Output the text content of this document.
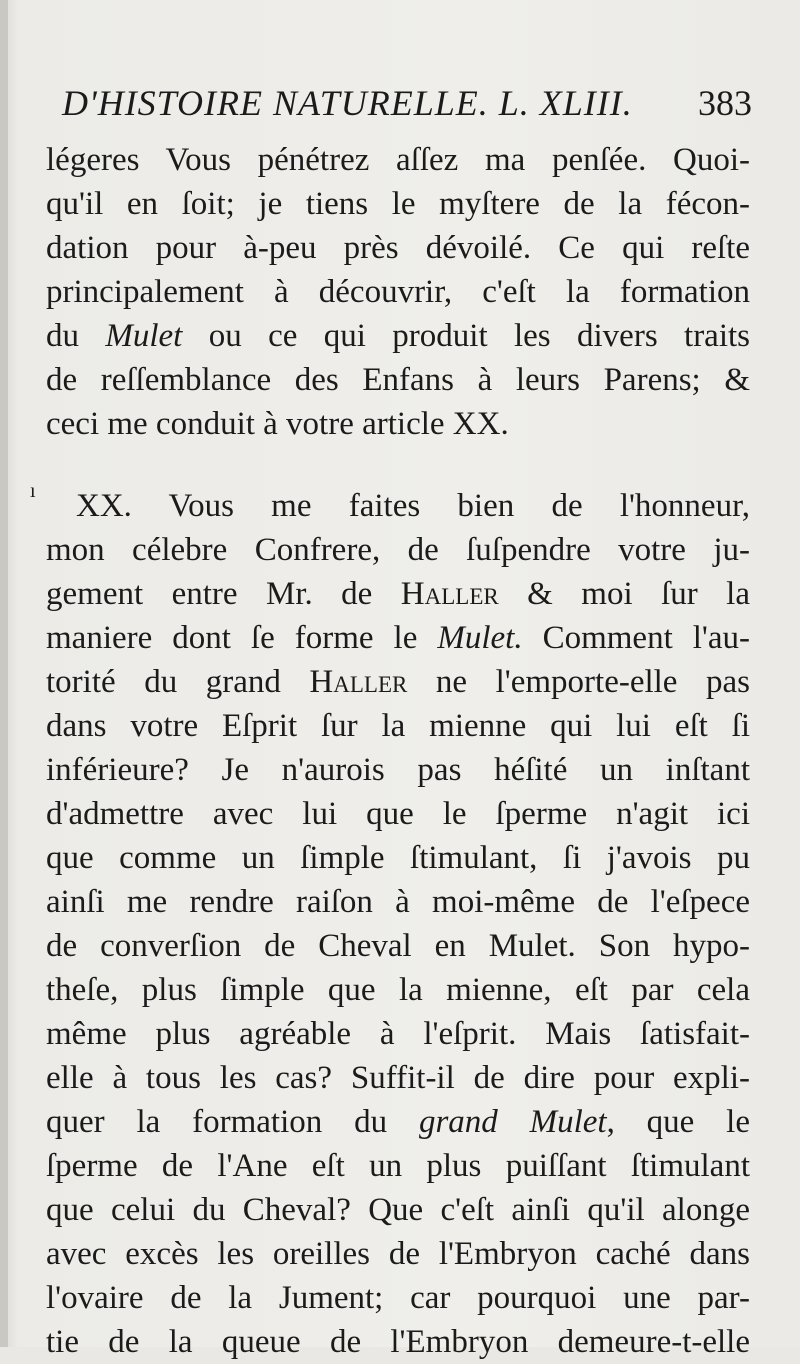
D'HISTOIRE NATURELLE. L. XLIII. 383
ı
légeres Vous pénétrez aſſez ma penſée. Quoi-
qu'il en ſoit; je tiens le myſtere de la fécon-
dation pour à-peu près dévoilé. Ce qui reſte
principalement à découvrir, c'eſt la formation
du Mulet ou ce qui produit les divers traits
de reſſemblance des Enfans à leurs Parens; &
ceci me conduit à votre article XX.
XX. Vous me faites bien de l'honneur,
mon célebre Confrere, de ſuſpendre votre ju-
gement entre Mr. de Haller & moi ſur la
maniere dont ſe forme le Mulet. Comment l'au-
torité du grand Haller ne l'emporte-elle pas
dans votre Eſprit ſur la mienne qui lui eſt ſi
inférieure? Je n'aurois pas héſité un inſtant
d'admettre avec lui que le ſperme n'agit ici
que comme un ſimple ſtimulant, ſi j'avois pu
ainſi me rendre raiſon à moi-même de l'eſpece
de converſion de Cheval en Mulet. Son hypo-
theſe, plus ſimple que la mienne, eſt par cela
même plus agréable à l'eſprit. Mais ſatisfait-
elle à tous les cas? Suffit-il de dire pour expli-
quer la formation du grand Mulet, que le
ſperme de l'Ane eſt un plus puiſſant ſtimulant
que celui du Cheval? Que c'eſt ainſi qu'il alonge
avec excès les oreilles de l'Embryon caché dans
l'ovaire de la Jument; car pourquoi une par-
tie de la queue de l'Embryon demeure-t-elle
